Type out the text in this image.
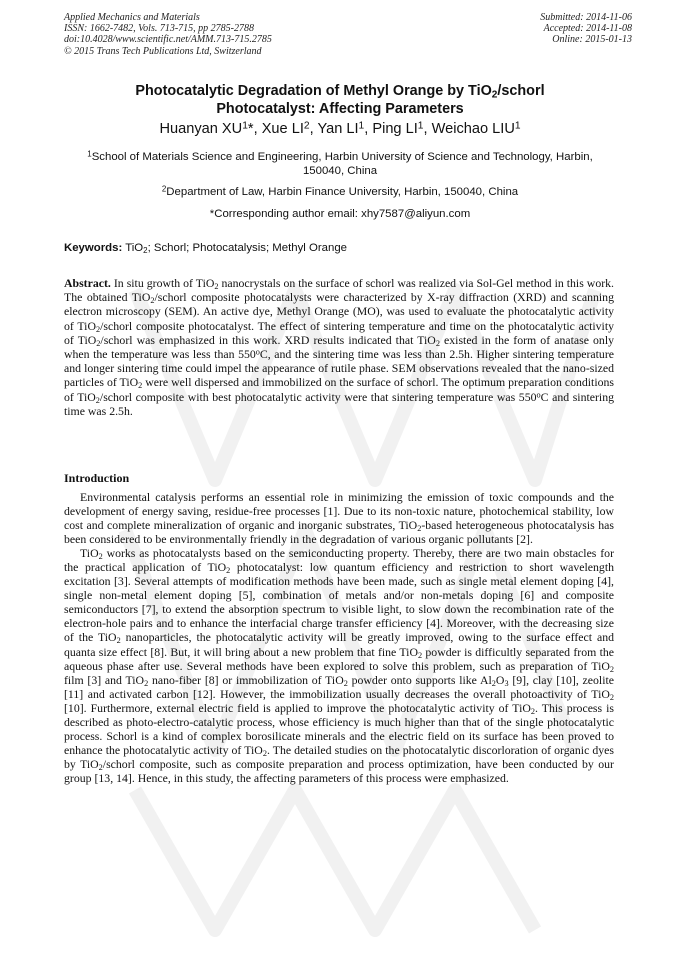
Applied Mechanics and Materials
ISSN: 1662-7482, Vols. 713-715, pp 2785-2788
doi:10.4028/www.scientific.net/AMM.713-715.2785
© 2015 Trans Tech Publications Ltd, Switzerland
Submitted: 2014-11-06
Accepted: 2014-11-08
Online: 2015-01-13
Photocatalytic Degradation of Methyl Orange by TiO$_2$/schorl
Photocatalyst: Affecting Parameters
Huanyan $XU^1*$, Xue $LI^2$, Yan $LI^1$, Ping $LI^1$, Weichao LIU$^1$
$^1$School of Materials Science and Engineering, Harbin University of Science and Technology, Harbin, 150040, China
$^2$Department of Law, Harbin Finance University, Harbin, 150040, China
*Corresponding author email: xhy7587@aliyun.com
Keywords: TiO$_2$; Schorl; Photocatalysis; Methyl Orange
Abstract. In situ growth of TiO$_2$ nanocrystals on the surface of schorl was realized via Sol-Gel method in this work. The obtained TiO$_2$/schorl composite photocatalysts were characterized by X-ray diffraction (XRD) and scanning electron microscopy (SEM). An active dye, Methyl Orange (MO), was used to evaluate the photocatalytic activity of TiO$_2$/schorl composite photocatalyst. The effect of sintering temperature and time on the photocatalytic activity of TiO$_2$/schorl was emphasized in this work. XRD results indicated that TiO$_2$ existed in the form of anatase only when the temperature was less than 550$^o$C, and the sintering time was less than 2.5h. Higher sintering temperature and longer sintering time could impel the appearance of rutile phase. SEM observations revealed that the nano-sized particles of TiO$_2$ were well dispersed and immobilized on the surface of schorl. The optimum preparation conditions of TiO$_2$/schorl composite with best photocatalytic activity were that sintering temperature was 550$^o$C and sintering time was 2.5h.
Introduction

Environmental catalysis performs an essential role in minimizing the emission of toxic compounds and the development of energy saving, residue-free processes [1]. Due to its non-toxic nature, photochemical stability, low cost and complete mineralization of organic and inorganic substrates, TiO$_2$-based heterogeneous photocatalysis has been considered to be environmentally friendly in the degradation of various organic pollutants [2].

TiO$_2$ works as photocatalysts based on the semiconducting property. Thereby, there are two main obstacles for the practical application of TiO$_2$ photocatalyst: low quantum efficiency and restriction to short wavelength excitation [3]. Several attempts of modification methods have been made, such as single metal element doping [4], single non-metal element doping [5], combination of metals and/or non-metals doping [6] and composite semiconductors [7], to extend the absorption spectrum to visible light, to slow down the recombination rate of the electron-hole pairs and to enhance the interfacial charge transfer efficiency [4]. Moreover, with the decreasing size of the TiO$_2$ nanoparticles, the photocatalytic activity will be greatly improved, owing to the surface effect and quanta size effect [8]. But, it will bring about a new problem that fine TiO$_2$ powder is difficultly separated from the aqueous phase after use. Several methods have been explored to solve this problem, such as preparation of TiO$_2$ film [3] and TiO$_2$ nano-fiber [8] or immobilization of TiO$_2$ powder onto supports like $Al_2O_3$ [9], clay [10], zeolite [11] and activated carbon [12]. However, the immobilization usually decreases the overall photoactivity of TiO$_2$ [10]. Furthermore, external electric field is applied to improve the photocatalytic activity of TiO$_2$. This process is described as photo-electro-catalytic process, whose efficiency is much higher than that of the single photocatalytic process. Schorl is a kind of complex borosilicate minerals and the electric field on its surface has been proved to enhance the photocatalytic activity of TiO$_2$. The detailed studies on the photocatalytic discorloration of organic dyes by TiO$_2$/schorl composite, such as composite preparation and process optimization, have been conducted by our group [13, 14]. Hence, in this study, the affecting parameters of this process were emphasized.
